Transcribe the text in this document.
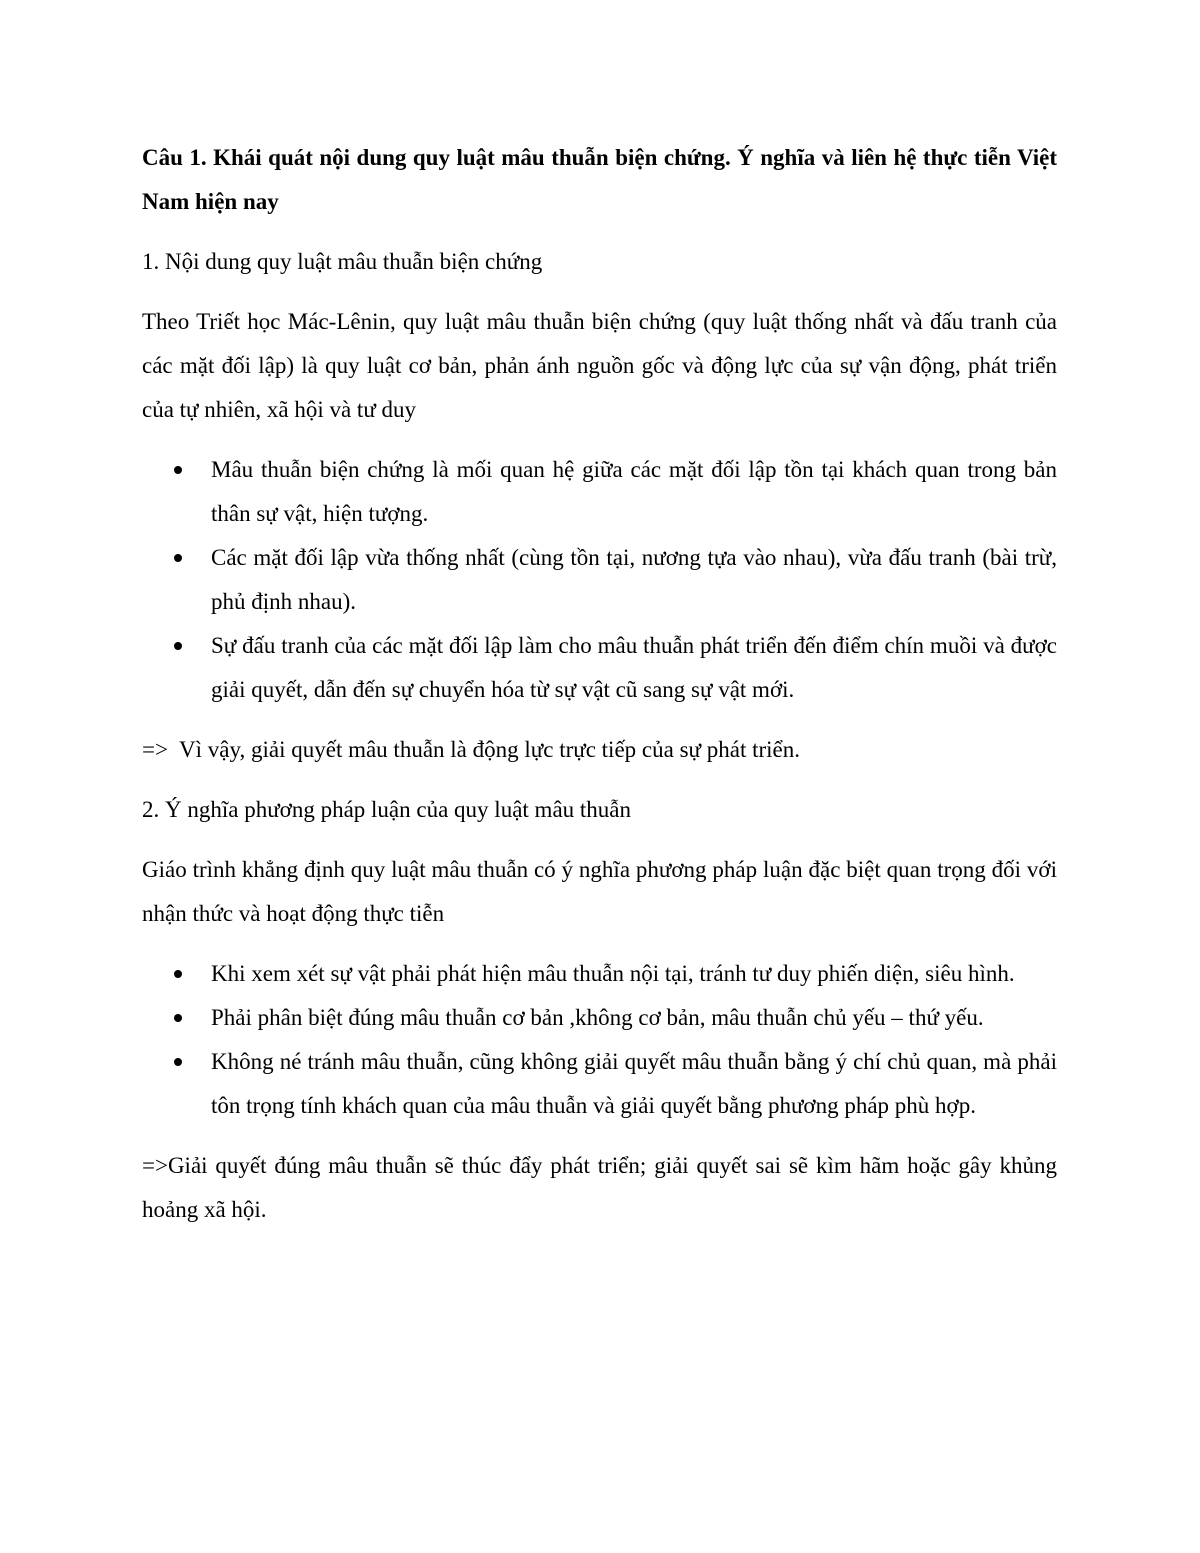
Câu 1. Khái quát nội dung quy luật mâu thuẫn biện chứng. Ý nghĩa và liên hệ thực tiễn Việt Nam hiện nay
1. Nội dung quy luật mâu thuẫn biện chứng

Theo Triết học Mác-Lênin, quy luật mâu thuẫn biện chứng (quy luật thống nhất và đấu tranh của các mặt đối lập) là quy luật cơ bản, phản ánh nguồn gốc và động lực của sự vận động, phát triển của tự nhiên, xã hội và tư duy

Mâu thuẫn biện chứng là mối quan hệ giữa các mặt đối lập tồn tại khách quan trong bản thân sự vật, hiện tượng.
Các mặt đối lập vừa thống nhất (cùng tồn tại, nương tựa vào nhau), vừa đấu tranh (bài trừ, phủ định nhau).
Sự đấu tranh của các mặt đối lập làm cho mâu thuẫn phát triển đến điểm chín muồi và được giải quyết, dẫn đến sự chuyển hóa từ sự vật cũ sang sự vật mới.

=>  Vì vậy, giải quyết mâu thuẫn là động lực trực tiếp của sự phát triển.

2. Ý nghĩa phương pháp luận của quy luật mâu thuẫn

Giáo trình khẳng định quy luật mâu thuẫn có ý nghĩa phương pháp luận đặc biệt quan trọng đối với nhận thức và hoạt động thực tiễn

Khi xem xét sự vật phải phát hiện mâu thuẫn nội tại, tránh tư duy phiến diện, siêu hình.
Phải phân biệt đúng mâu thuẫn cơ bản ,không cơ bản, mâu thuẫn chủ yếu – thứ yếu.
Không né tránh mâu thuẫn, cũng không giải quyết mâu thuẫn bằng ý chí chủ quan, mà phải tôn trọng tính khách quan của mâu thuẫn và giải quyết bằng phương pháp phù hợp.

=>Giải quyết đúng mâu thuẫn sẽ thúc đẩy phát triển; giải quyết sai sẽ kìm hãm hoặc gây khủng hoảng xã hội.
